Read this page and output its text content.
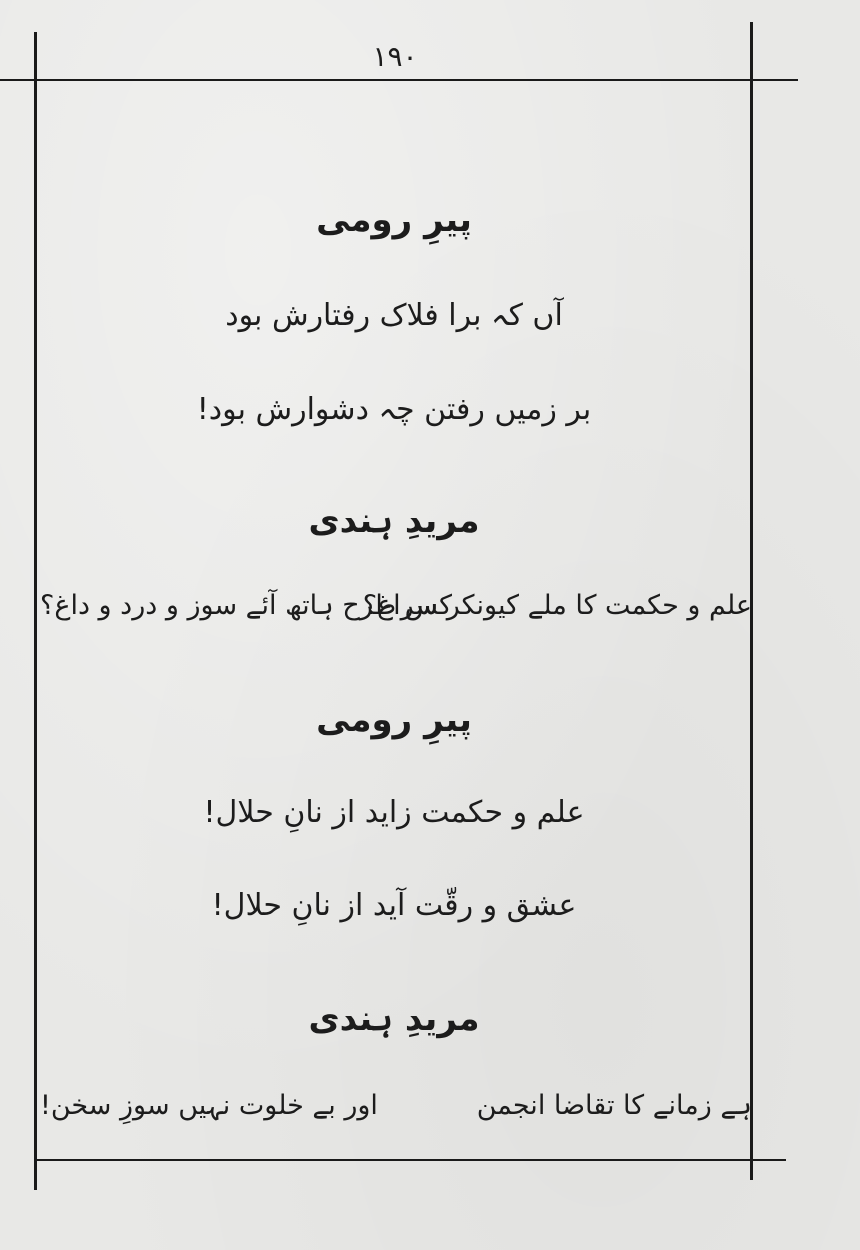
۱۹۰
پیرِ رومی
آں کہ برا فلاک رفتارش بود
بر زمیں رفتن چہ دشوارش بود!
مریدِ ہندی
علم و حکمت کا ملے کیونکر سراغ؟
کس طرح ہاتھ آئے سوز و درد و داغ؟
پیرِ رومی
علم و حکمت زاید از نانِ حلال!
عشق و رقّت آید از نانِ حلال!
مریدِ ہندی
ہے زمانے کا تقاضا انجمن
اور بے خلوت نہیں سوزِ سخن!
